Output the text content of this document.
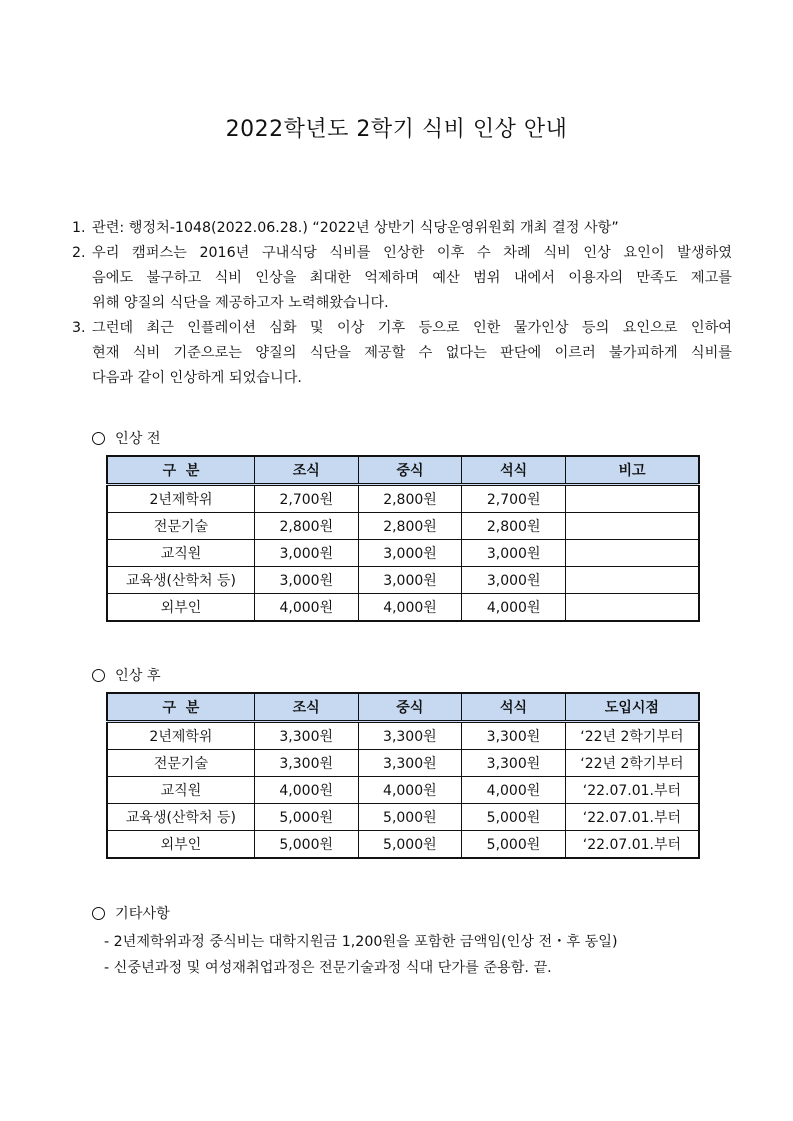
2022학년도 2학기 식비 인상 안내
1. 관련: 행정처-1048(2022.06.28.) “2022년 상반기 식당운영위원회 개최 결정 사항”
2. 우리 캠퍼스는 2016년 구내식당 식비를 인상한 이후 수 차례 식비 인상 요인이 발생하였
음에도 불구하고 식비 인상을 최대한 억제하며 예산 범위 내에서 이용자의 만족도 제고를
위해 양질의 식단을 제공하고자 노력해왔습니다.
3. 그런데 최근 인플레이션 심화 및 이상 기후 등으로 인한 물가인상 등의 요인으로 인하여
현재 식비 기준으로는 양질의 식단을 제공할 수 없다는 판단에 이르러 불가피하게 식비를
다음과 같이 인상하게 되었습니다.
인상 전
구  분	조식	중식	석식	비고
2년제학위	2,700원	2,800원	2,700원	
전문기술	2,800원	2,800원	2,800원	
교직원	3,000원	3,000원	3,000원	
교육생(산학처 등)	3,000원	3,000원	3,000원	
외부인	4,000원	4,000원	4,000원	
인상 후
구  분	조식	중식	석식	도입시점
2년제학위	3,300원	3,300원	3,300원	‘22년 2학기부터
전문기술	3,300원	3,300원	3,300원	‘22년 2학기부터
교직원	4,000원	4,000원	4,000원	‘22.07.01.부터
교육생(산학처 등)	5,000원	5,000원	5,000원	‘22.07.01.부터
외부인	5,000원	5,000원	5,000원	‘22.07.01.부터
기타사항
- 2년제학위과정 중식비는 대학지원금 1,200원을 포함한 금액임(인상 전・후 동일)
- 신중년과정 및 여성재취업과정은 전문기술과정 식대 단가를 준용함. 끝.
